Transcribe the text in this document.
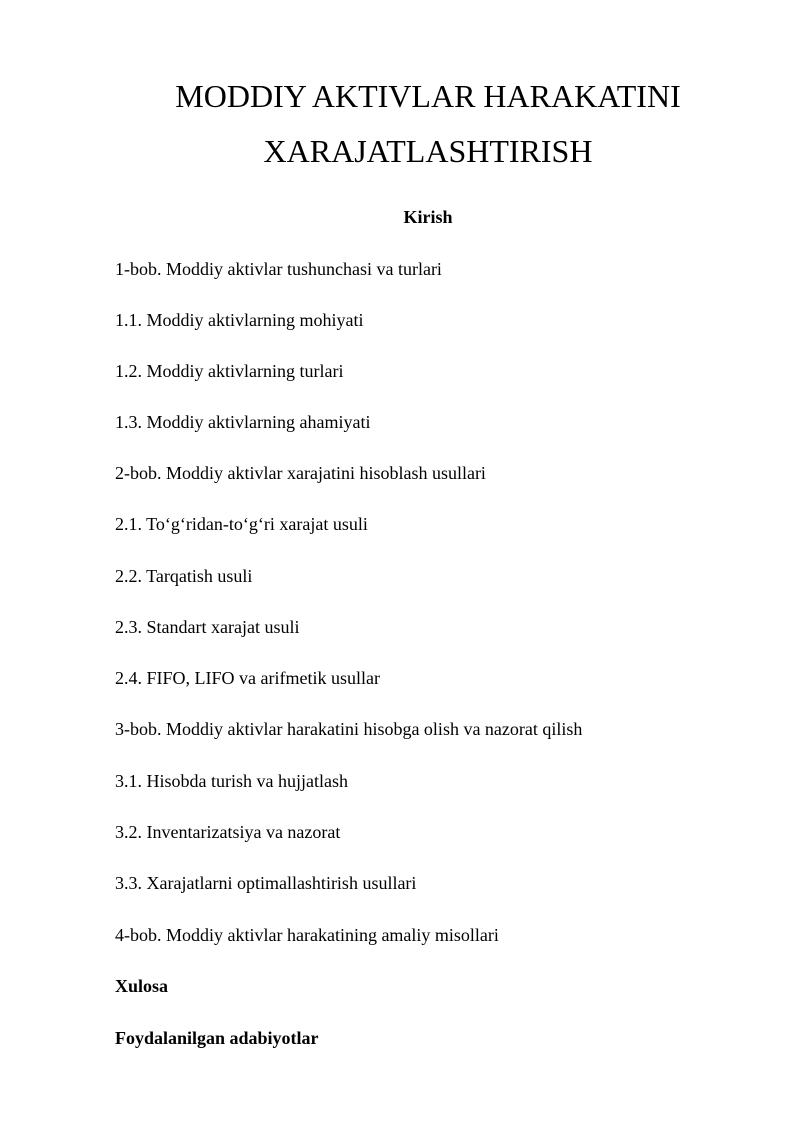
MODDIY AKTIVLAR HARAKATINI
XARAJATLASHTIRISH
Kirish
1-bob. Moddiy aktivlar tushunchasi va turlari
1.1. Moddiy aktivlarning mohiyati
1.2. Moddiy aktivlarning turlari
1.3. Moddiy aktivlarning ahamiyati
2-bob. Moddiy aktivlar xarajatini hisoblash usullari
2.1. To‘g‘ridan-to‘g‘ri xarajat usuli
2.2. Tarqatish usuli
2.3. Standart xarajat usuli
2.4. FIFO, LIFO va arifmetik usullar
3-bob. Moddiy aktivlar harakatini hisobga olish va nazorat qilish
3.1. Hisobda turish va hujjatlash
3.2. Inventarizatsiya va nazorat
3.3. Xarajatlarni optimallashtirish usullari
4-bob. Moddiy aktivlar harakatining amaliy misollari
Xulosa
Foydalanilgan adabiyotlar
